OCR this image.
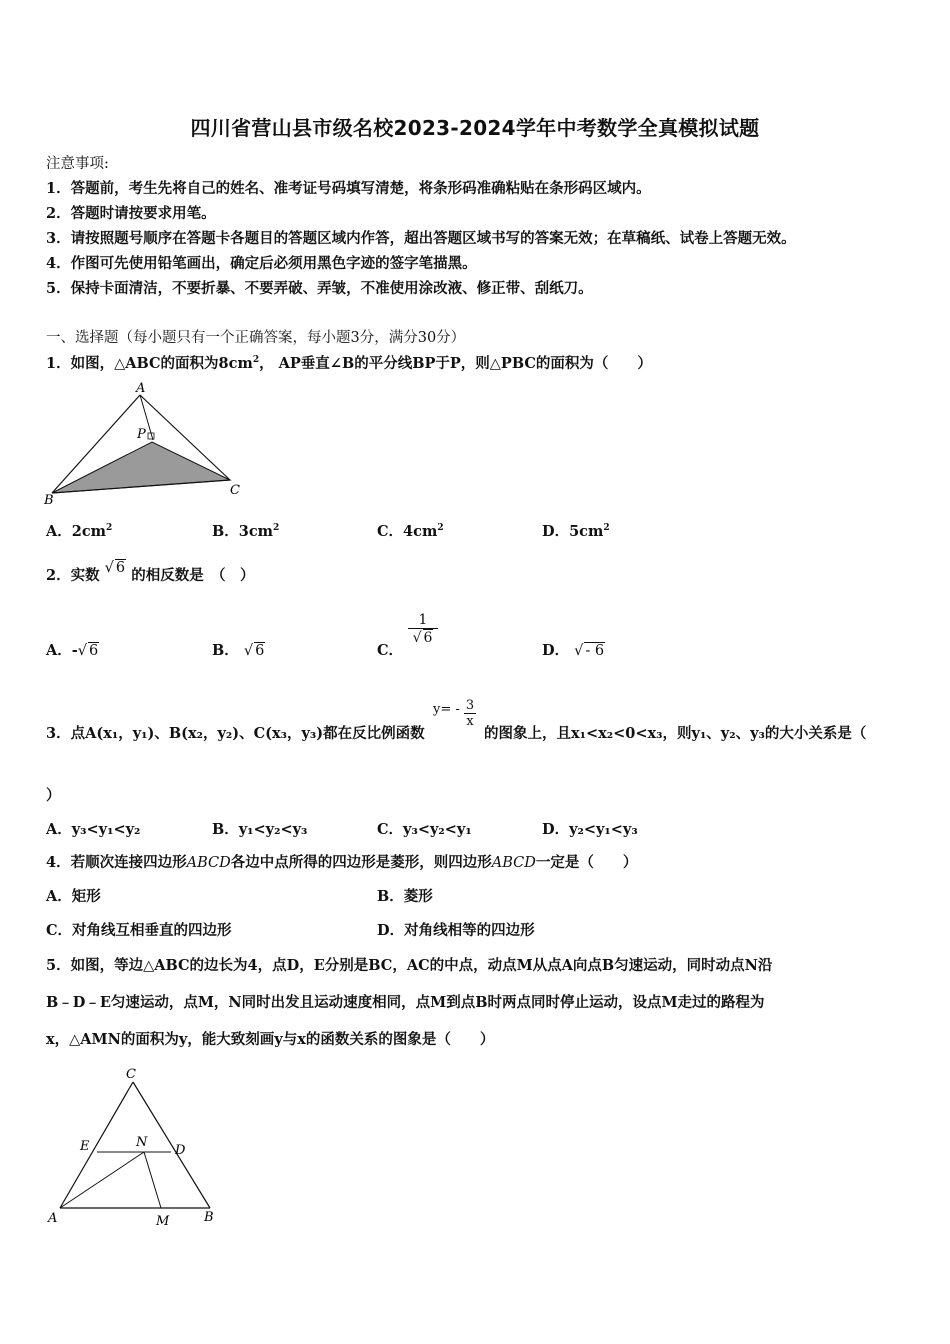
四川省营山县市级名校2023-2024学年中考数学全真模拟试题
注意事项:
1．答题前，考生先将自己的姓名、准考证号码填写清楚，将条形码准确粘贴在条形码区域内。
2．答题时请按要求用笔。
3．请按照题号顺序在答题卡各题目的答题区域内作答，超出答题区域书写的答案无效；在草稿纸、试卷上答题无效。
4．作图可先使用铅笔画出，确定后必须用黑色字迹的签字笔描黑。
5．保持卡面清洁，不要折暴、不要弄破、弄皱，不准使用涂改液、修正带、刮纸刀。
一、选择题（每小题只有一个正确答案，每小题3分，满分30分）
1．如图，△ABC的面积为$8cm^2$， AP垂直∠B的平分线BP于P，则△PBC的面积为（　　）
A
B
C
P
A．$2cm^2$	B．$3cm^2$	C．$4cm^2$	D．$5cm^2$
2．实数 √ 6 的相反数是　（　）
A．-√ 6	B． √ 6	C．
1
√ 6
D． √ - 6
3．点A(x₁，y₁)、B(x₂，y₂)、C(x₃，y₃)都在反比例函数
$y= - \frac{3}{x}$
的图象上，且x₁<x₂<0<x₃，则y₁、y₂、y₃的大小关系是（
）
A．y₃<y₁<y₂	B．y₁<y₂<y₃	C．y₃<y₂<y₁	D．y₂<y₁<y₃
4．若顺次连接四边形ABCD各边中点所得的四边形是菱形，则四边形ABCD一定是（　　）
A．矩形	B．菱形
C．对角线互相垂直的四边形	D．对角线相等的四边形
5．如图，等边△ABC的边长为4，点D，E分别是BC，AC的中点，动点M从点A向点B匀速运动，同时动点N沿
B﹣D﹣E匀速运动，点M，N同时出发且运动速度相同，点M到点B时两点同时停止运动，设点M走过的路程为
x，△AMN的面积为y，能大致刻画y与x的函数关系的图象是（　　）
C
E	N
D
A	M	B
